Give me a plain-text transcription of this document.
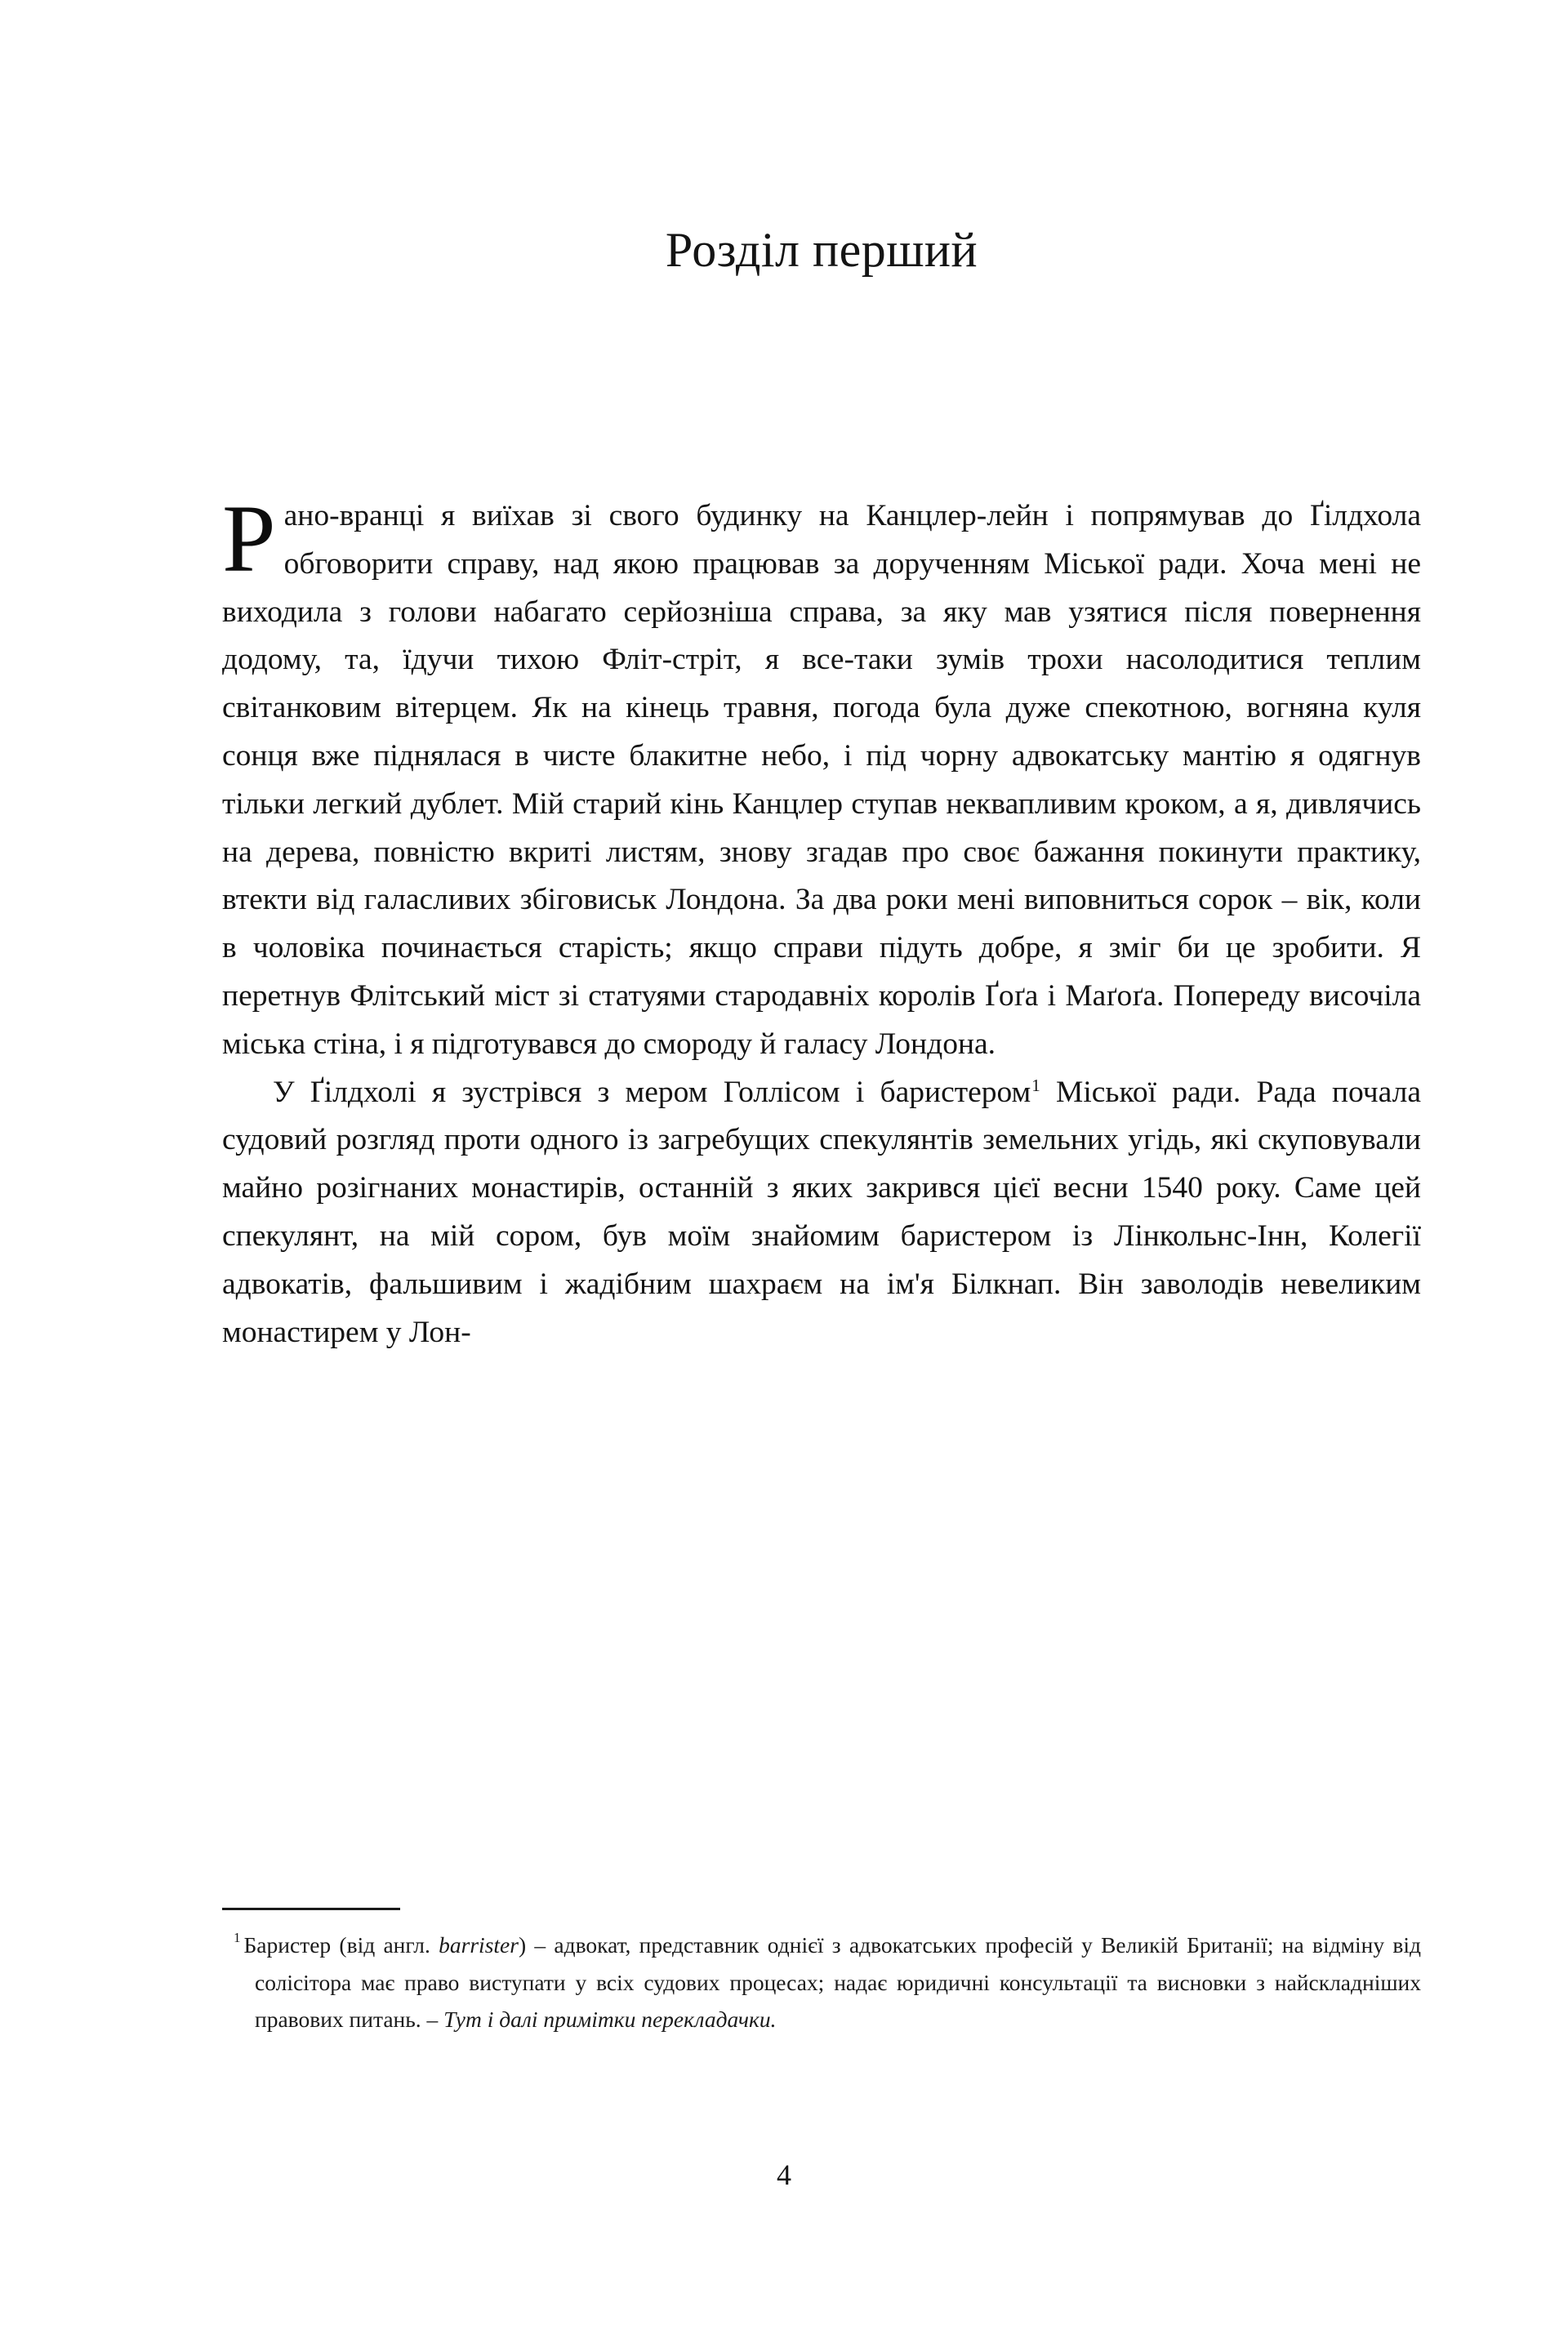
Розділ перший

Рано-вранці я виїхав зі свого будинку на Канцлер-лейн і попрямував до Ґілдхола обговорити справу, над якою працював за дорученням Міської ради. Хоча мені не виходила з голови набагато серйозніша справа, за яку мав узятися після повернення додому, та, їдучи тихою Фліт-стріт, я все-таки зумів трохи насолодитися теплим світанковим вітерцем. Як на кінець травня, погода була дуже спекотною, вогняна куля сонця вже піднялася в чисте блакитне небо, і під чорну адвокатську мантію я одягнув тільки легкий дублет. Мій старий кінь Канцлер ступав неквапливим кроком, а я, дивлячись на дерева, повністю вкриті листям, знову згадав про своє бажання покинути практику, втекти від галасливих збіговиськ Лондона. За два роки мені виповниться сорок – вік, коли в чоловіка починається старість; якщо справи підуть добре, я зміг би це зробити. Я перетнув Флітський міст зі статуями стародавніх королів Ґоґа і Маґоґа. Попереду височіла міська стіна, і я підготувався до смороду й галасу Лондона.

У Ґілдхолі я зустрівся з мером Голлісом і баристером$^1$ Міської ради. Рада почала судовий розгляд проти одного із загребущих спекулянтів земельних угідь, які скуповували майно розігнаних монастирів, останній з яких закрився цієї весни 1540 року. Саме цей спекулянт, на мій сором, був моїм знайомим баристером із Лінкольнс-Інн, Колегії адвокатів, фальшивим і жадібним шахраєм на ім'я Білкнап. Він заволодів невеликим монастирем у Лон-

$^1$ Баристер (від англ. barrister) – адвокат, представник однієї з адвокатських професій у Великій Британії; на відміну від солісітора має право виступати у всіх судових процесах; надає юридичні консультації та висновки з найскладніших правових питань. – Тут і далі примітки перекладачки.

4
